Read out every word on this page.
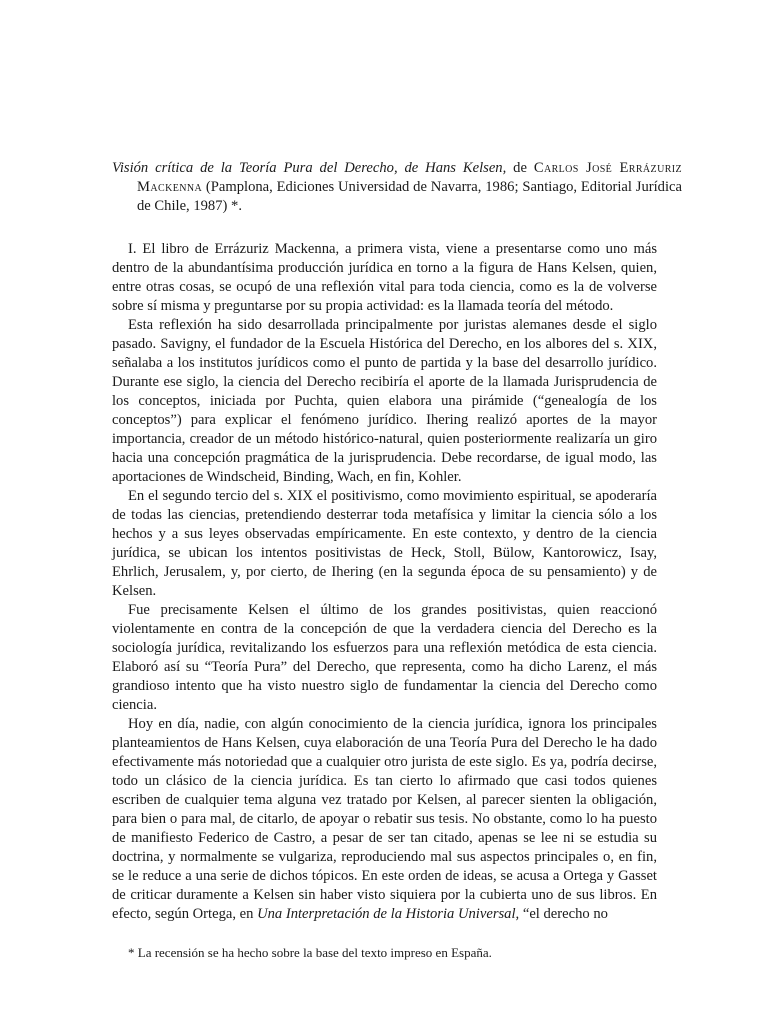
Visión crítica de la Teoría Pura del Derecho, de Hans Kelsen, de Carlos José Errázuriz Mackenna (Pamplona, Ediciones Universidad de Navarra, 1986; Santiago, Editorial Jurídica de Chile, 1987) *.

I. El libro de Errázuriz Mackenna, a primera vista, viene a presentarse como uno más dentro de la abundantísima producción jurídica en torno a la figura de Hans Kelsen, quien, entre otras cosas, se ocupó de una reflexión vital para toda ciencia, como es la de volverse sobre sí misma y preguntarse por su propia actividad: es la llamada teoría del método.

Esta reflexión ha sido desarrollada principalmente por juristas alemanes desde el siglo pasado. Savigny, el fundador de la Escuela Histórica del Derecho, en los albores del s. XIX, señalaba a los institutos jurídicos como el punto de partida y la base del desarrollo jurídico. Durante ese siglo, la ciencia del Derecho recibiría el aporte de la llamada Jurisprudencia de los conceptos, iniciada por Puchta, quien elabora una pirámide (“genealogía de los conceptos”) para explicar el fenómeno jurídico. Ihering realizó aportes de la mayor importancia, creador de un método histórico-natural, quien posteriormente realizaría un giro hacia una concepción pragmática de la jurisprudencia. Debe recordarse, de igual modo, las aportaciones de Windscheid, Binding, Wach, en fin, Kohler.

En el segundo tercio del s. XIX el positivismo, como movimiento espiritual, se apoderaría de todas las ciencias, pretendiendo desterrar toda metafísica y limitar la ciencia sólo a los hechos y a sus leyes observadas empíricamente. En este contexto, y dentro de la ciencia jurídica, se ubican los intentos positivistas de Heck, Stoll, Bülow, Kantorowicz, Isay, Ehrlich, Jerusalem, y, por cierto, de Ihering (en la segunda época de su pensamiento) y de Kelsen.

Fue precisamente Kelsen el último de los grandes positivistas, quien reaccionó violentamente en contra de la concepción de que la verdadera ciencia del Derecho es la sociología jurídica, revitalizando los esfuerzos para una reflexión metódica de esta ciencia. Elaboró así su “Teoría Pura” del Derecho, que representa, como ha dicho Larenz, el más grandioso intento que ha visto nuestro siglo de fundamentar la ciencia del Derecho como ciencia.

Hoy en día, nadie, con algún conocimiento de la ciencia jurídica, ignora los principales planteamientos de Hans Kelsen, cuya elaboración de una Teoría Pura del Derecho le ha dado efectivamente más notoriedad que a cualquier otro jurista de este siglo. Es ya, podría decirse, todo un clásico de la ciencia jurídica. Es tan cierto lo afirmado que casi todos quienes escriben de cualquier tema alguna vez tratado por Kelsen, al parecer sienten la obligación, para bien o para mal, de citarlo, de apoyar o rebatir sus tesis. No obstante, como lo ha puesto de manifiesto Federico de Castro, a pesar de ser tan citado, apenas se lee ni se estudia su doctrina, y normalmente se vulgariza, reproduciendo mal sus aspectos principales o, en fin, se le reduce a una serie de dichos tópicos. En este orden de ideas, se acusa a Ortega y Gasset de criticar duramente a Kelsen sin haber visto siquiera por la cubierta uno de sus libros. En efecto, según Ortega, en Una Interpretación de la Historia Universal, “el derecho no

* La recensión se ha hecho sobre la base del texto impreso en España.
